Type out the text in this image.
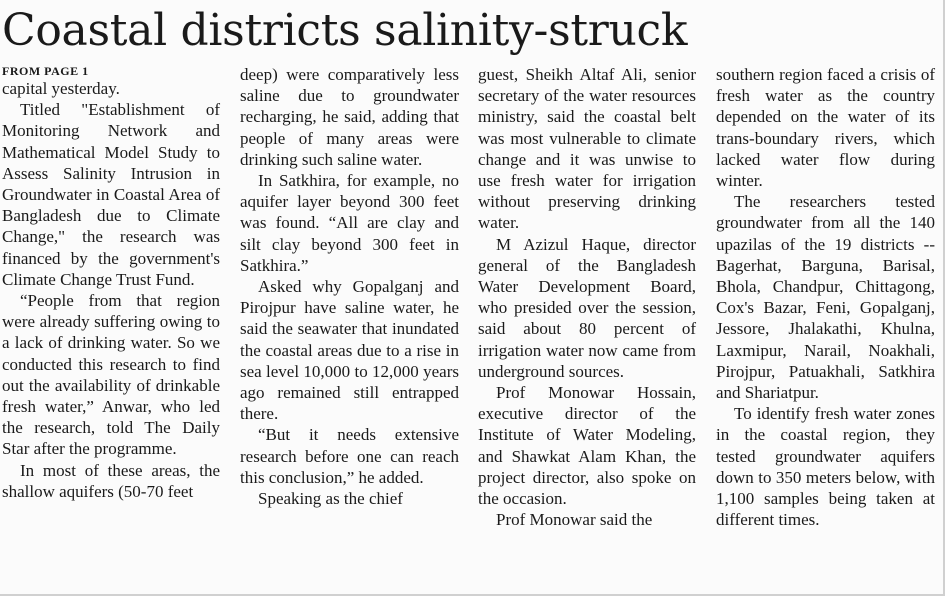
Coastal districts salinity-struck
FROM PAGE 1

capital yesterday.

Titled "Establishment of Monitoring Network and Mathematical Model Study to Assess Salinity Intrusion in Groundwater in Coastal Area of Bangladesh due to Climate Change," the research was financed by the government's Climate Change Trust Fund.

“People from that region were already suffering owing to a lack of drinking water. So we conducted this research to find out the availability of drinkable fresh water,” Anwar, who led the research, told The Daily Star after the programme.

In most of these areas, the shallow aquifers (50-70 feet

deep) were comparatively less saline due to groundwater recharging, he said, adding that people of many areas were drinking such saline water.

In Satkhira, for example, no aquifer layer beyond 300 feet was found. “All are clay and silt clay beyond 300 feet in Satkhira.”

Asked why Gopalganj and Pirojpur have saline water, he said the seawater that inundated the coastal areas due to a rise in sea level 10,000 to 12,000 years ago remained still entrapped there.

“But it needs extensive research before one can reach this conclusion,” he added.

Speaking as the chief

guest, Sheikh Altaf Ali, senior secretary of the water resources ministry, said the coastal belt was most vulnerable to climate change and it was unwise to use fresh water for irrigation without preserving drinking water.

M Azizul Haque, director general of the Bangladesh Water Development Board, who presided over the session, said about 80 percent of irrigation water now came from underground sources.

Prof Monowar Hossain, executive director of the Institute of Water Modeling, and Shawkat Alam Khan, the project director, also spoke on the occasion.

Prof Monowar said the

southern region faced a crisis of fresh water as the country depended on the water of its trans-boundary rivers, which lacked water flow during winter.

The researchers tested groundwater from all the 140 upazilas of the 19 districts -- Bagerhat, Barguna, Barisal, Bhola, Chandpur, Chittagong, Cox's Bazar, Feni, Gopalganj, Jessore, Jhalakathi, Khulna, Laxmipur, Narail, Noakhali, Pirojpur, Patuakhali, Satkhira and Shariatpur.

To identify fresh water zones in the coastal region, they tested groundwater aquifers down to 350 meters below, with 1,100 samples being taken at different times.
